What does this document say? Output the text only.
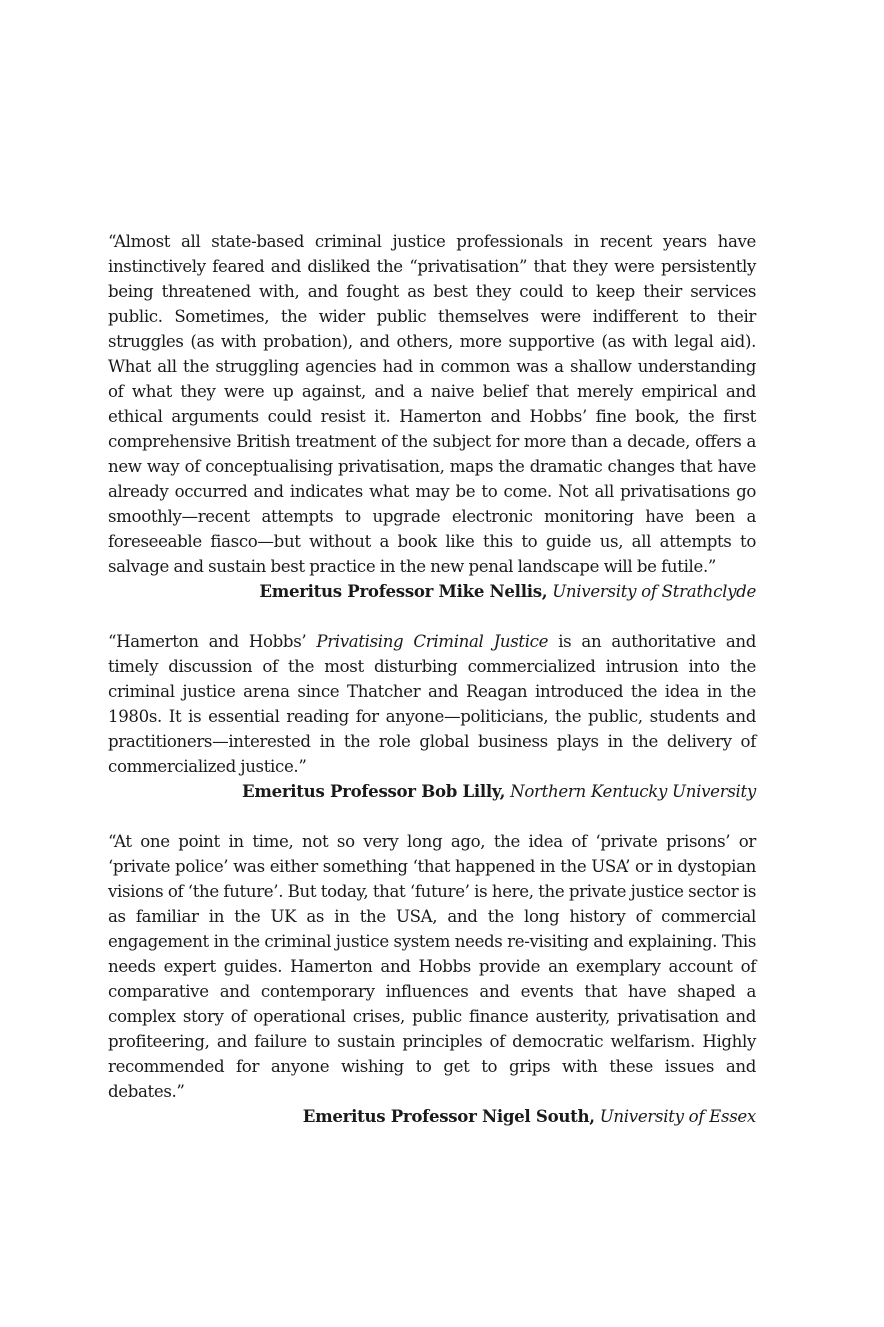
“Almost all state-based criminal justice professionals in recent years have instinctively feared and disliked the “privatisation” that they were persistently being threatened with, and fought as best they could to keep their services public. Sometimes, the wider public themselves were indifferent to their struggles (as with probation), and others, more supportive (as with legal aid). What all the struggling agencies had in common was a shallow understanding of what they were up against, and a naive belief that merely empirical and ethical arguments could resist it. Hamerton and Hobbs’ fine book, the first comprehensive British treatment of the subject for more than a decade, offers a new way of conceptualising privatisation, maps the dramatic changes that have already occurred and indicates what may be to come. Not all privatisations go smoothly—recent attempts to upgrade electronic monitoring have been a foreseeable fiasco—but without a book like this to guide us, all attempts to salvage and sustain best practice in the new penal landscape will be futile.”

Emeritus Professor Mike Nellis, University of Strathclyde

“Hamerton and Hobbs’ Privatising Criminal Justice is an authoritative and timely discussion of the most disturbing commercialized intrusion into the criminal justice arena since Thatcher and Reagan introduced the idea in the 1980s. It is essential reading for anyone—politicians, the public, students and practitioners—interested in the role global business plays in the delivery of commercialized justice.”

Emeritus Professor Bob Lilly, Northern Kentucky University

“At one point in time, not so very long ago, the idea of ‘private prisons’ or ‘private police’ was either something ‘that happened in the USA’ or in dystopian visions of ‘the future’. But today, that ‘future’ is here, the private justice sector is as familiar in the UK as in the USA, and the long history of commercial engagement in the criminal justice system needs re-visiting and explaining. This needs expert guides. Hamerton and Hobbs provide an exemplary account of comparative and contemporary influences and events that have shaped a complex story of operational crises, public finance austerity, privatisation and profiteering, and failure to sustain principles of democratic welfarism. Highly recommended for anyone wishing to get to grips with these issues and debates.”

Emeritus Professor Nigel South, University of Essex
